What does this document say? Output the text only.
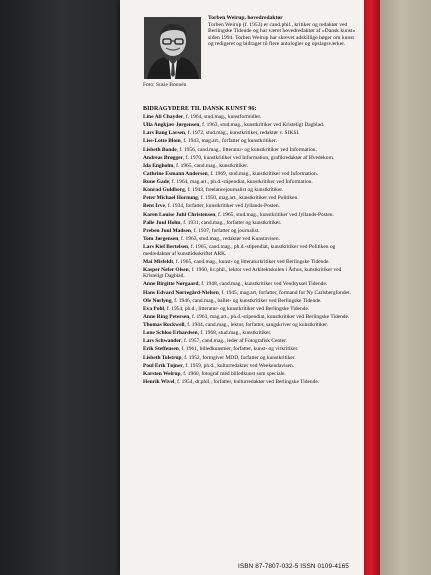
Foto: Susie Bonnén
Torben Weirup, hovedredaktør
Torben Weirup (f. 1953) er cand.phil., kritiker og redaktør ved Berlingske Tidende og har været hovedredaktør af »Dansk kunst« siden 1994. Torben Weirup har skrevet adskillige bøger om kunst og redigeret og bidraget til flere antologier og opslagsværker.
BIDRAGYDERE TIL DANSK KUNST 96:
Line Ali Chayder, f. 1964, stud.mag., kunstformidler.
Ulla Angkjær Jørgensen, f. 1963, stud.mag., kunstkritiker ved Kristeligt Dagblad.
Lars Bang Larsen, f. 1972, stud.mag., kunstkritiker, redaktør v. SIKSI.
Lise-Lotte Blom, f. 1943, mag.art., forfatter og kunstkritiker.
Lisbeth Bonde, f. 1956, cand.mag., litteratur- og kunstkritiker ved Information.
Andreas Brøgger, f. 1970, kunstkritiker ved Information, grafikredaktør af Hvedekorn.
Ida Engholm, f. 1965, cand.mag., kunstkritiker.
Cathrine Esmann Andersen, f. 1969, stud.mag., kunstkritiker ved Information.
Rune Gade, f. 1964, mag.art., ph.d.-stipendiat, kunstkritiker ved Information.
Konrad Guldberg, f. 1943, freelancejournalist og kunstkritiker.
Peter Michael Hornung, f. 1950, mag.art., kunstkritiker ved Politiken.
Bent Irve, f. 1934, forfatter, kunstkritiker ved Jyllands-Posten.
Karen Louise Juhl Christensen, f. 1965, stud.mag., kunstkritiker ved Jyllands-Posten.
Palle Juul Holm, f. 1931, cand.mag., forfatter og kunstkritiker.
Preben Juul Madsen, f. 1937, forfatter og journalist.
Tom Jørgensen, f. 1963, stud.mag., redaktør ved Kunstavisen.
Lars Kiel Bertelsen, f. 1965, cand.mag., ph.d.-stipendiat, kunstkritiker ved Politiken og medredaktør af kunsttidsskriftet ARK.
Mai Misfeldt, f. 1965, cand.mag., kunst- og litteraturkritiker ved Berlingske Tidende.
Kasper Nefer Olsen, f. 1960, lic.phil., lektor ved Arkitektskolen i Århus, kunstkritiker ved Kristeligt Dagblad.
Anne Birgitte Nørgaard, f. 1948, cand.mag., kunstkritiker ved Vendsyssel Tidende.
Hans Edvard Nørregård-Nielsen, f. 1945, mag.art, forfatter, formand for Ny Carlsbergfondet.
Ole Nørlyng, f. 1946, cand.mag., ballet- og kunstkritiker ved Berlingske Tidende.
Eva Pohl, f. 1954, ph.d., litteratur- og kunstkritiker ved Berlingske Tidende.
Anne Ring Petersen, f. 1963, mag.art., ph.d.-stipendiat, kunstkritiker ved Berlingske Tidende.
Thomas Rockwell, f. 1944, cand.mag., lektor, forfatter, sangskriver og kunstkritiker.
Lone Schloo Erhardsen, f. 1968, stud.mag., kunstkritiker.
Lars Schwander, f. 1957, cand.mag., leder af Fotografisk Center.
Erik Steffensen, f. 1961, billedkunstner, forfatter, kunst- og virkritiker.
Lisbeth Tolstrup, f. 1952, formgiver MDD, forfatter og kunstkritiker.
Poul Erik Tøjner, f. 1959, ph.d., kulturredaktør ved Weekendavisen.
Karsten Weirup, f. 1960, fotograf med billedkunst som speciale.
Henrik Wivel, f. 1954, dr.phil., forfatter, kulturredaktør ved Berlingske Tidende.
ISBN 87-7807-032-5 ISSN 0109-4165
